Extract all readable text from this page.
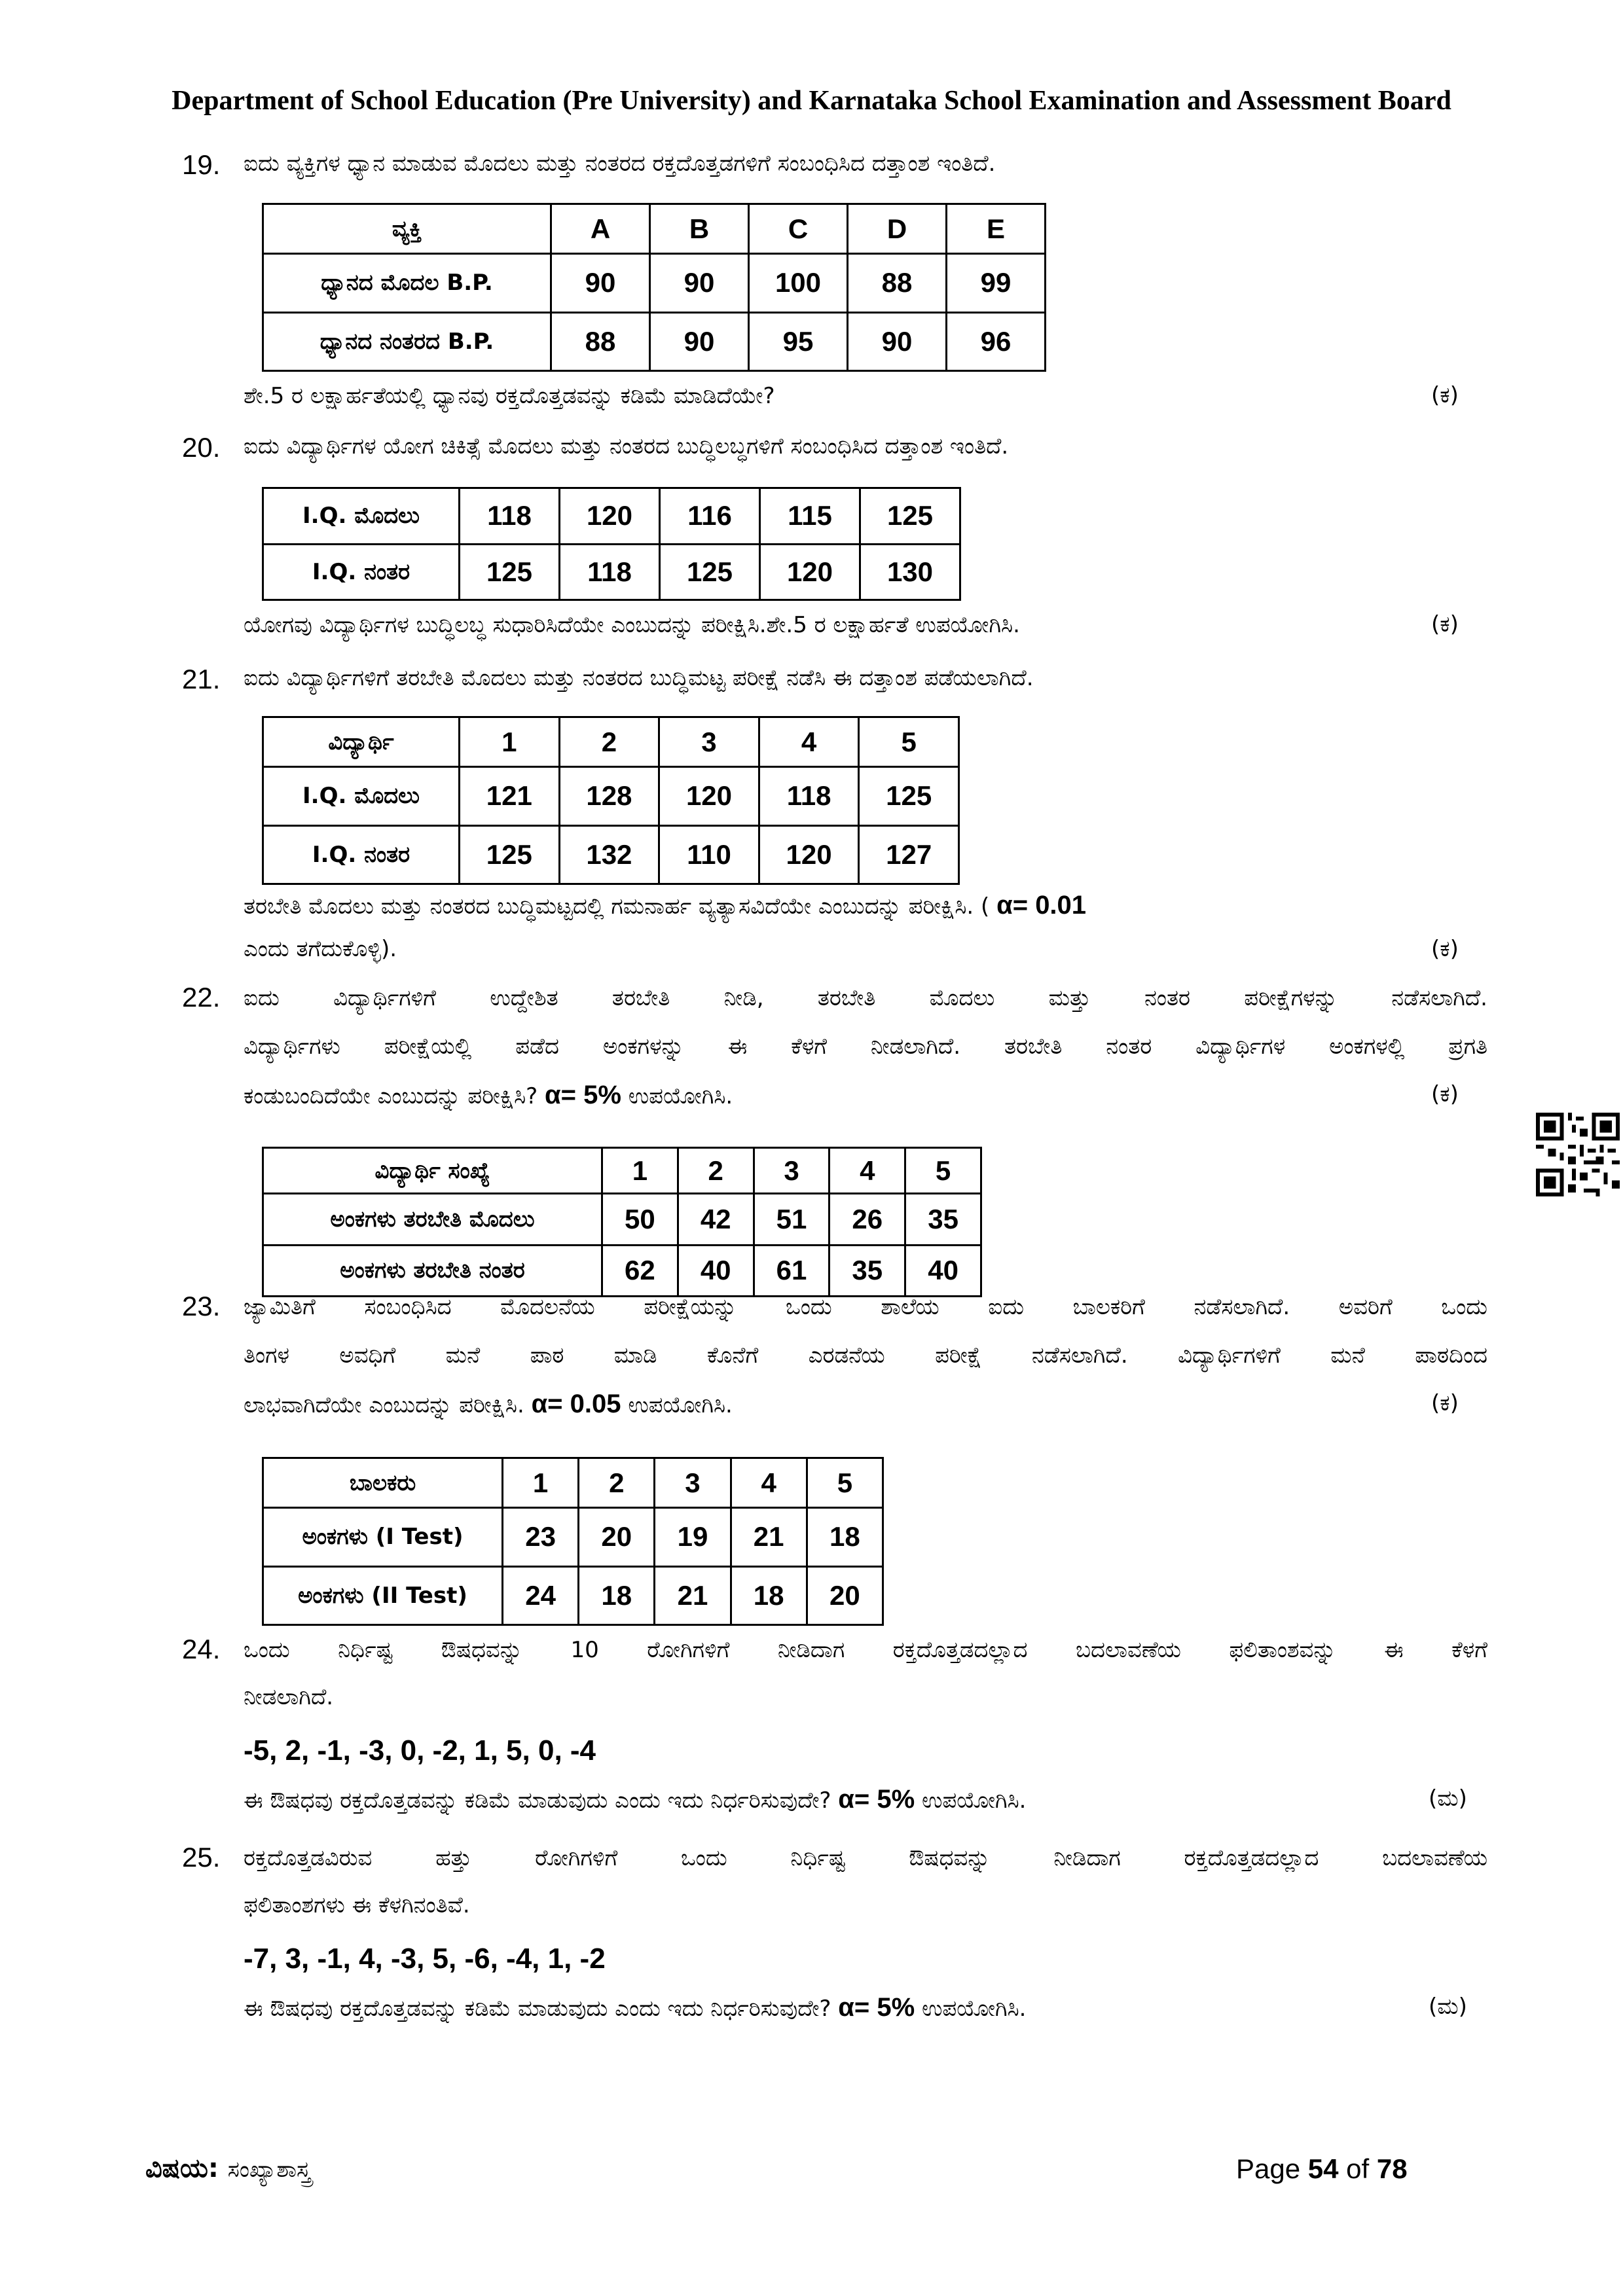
Department of School Education (Pre University) and Karnataka School Examination and Assessment Board
19. ಐದು ವ್ಯಕ್ತಿಗಳ ಧ್ಯಾನ ಮಾಡುವ ಮೊದಲು ಮತ್ತು ನಂತರದ ರಕ್ತದೊತ್ತಡಗಳಿಗೆ ಸಂಬಂಧಿಸಿದ ದತ್ತಾಂಶ ಇಂತಿದೆ.
ವ್ಯಕ್ತಿ	A	B	C	D	E
ಧ್ಯಾನದ ಮೊದಲ B.P.	90	90	100	88	99
ಧ್ಯಾನದ ನಂತರದ B.P.	88	90	95	90	96
ಶೇ.5 ರ ಲಕ್ಷಾರ್ಹತೆಯಲ್ಲಿ ಧ್ಯಾನವು ರಕ್ತದೊತ್ತಡವನ್ನು ಕಡಿಮೆ ಮಾಡಿದೆಯೇ?	(ಕ)
20. ಐದು ವಿದ್ಯಾರ್ಥಿಗಳ ಯೋಗ ಚಿಕಿತ್ಸೆ ಮೊದಲು ಮತ್ತು ನಂತರದ ಬುದ್ಧಿಲಬ್ಧಗಳಿಗೆ ಸಂಬಂಧಿಸಿದ ದತ್ತಾಂಶ ಇಂತಿದೆ.
I.Q. ಮೊದಲು	118	120	116	115	125
I.Q. ನಂತರ	125	118	125	120	130
ಯೋಗವು ವಿದ್ಯಾರ್ಥಿಗಳ ಬುದ್ಧಿಲಬ್ಧ ಸುಧಾರಿಸಿದೆಯೇ ಎಂಬುದನ್ನು ಪರೀಕ್ಷಿಸಿ.ಶೇ.5 ರ ಲಕ್ಷಾರ್ಹತೆ ಉಪಯೋಗಿಸಿ.	(ಕ)
21. ಐದು ವಿದ್ಯಾರ್ಥಿಗಳಿಗೆ ತರಬೇತಿ ಮೊದಲು ಮತ್ತು ನಂತರದ ಬುದ್ಧಿಮಟ್ಟ ಪರೀಕ್ಷೆ ನಡೆಸಿ ಈ ದತ್ತಾಂಶ ಪಡೆಯಲಾಗಿದೆ.
ವಿದ್ಯಾರ್ಥಿ	1	2	3	4	5
I.Q. ಮೊದಲು	121	128	120	118	125
I.Q. ನಂತರ	125	132	110	120	127
ತರಬೇತಿ ಮೊದಲು ಮತ್ತು ನಂತರದ ಬುದ್ಧಿಮಟ್ಟದಲ್ಲಿ ಗಮನಾರ್ಹ ವ್ಯತ್ಯಾಸವಿದೆಯೇ ಎಂಬುದನ್ನು ಪರೀಕ್ಷಿಸಿ. ( α= 0.01
ಎಂದು ತಗೆದುಕೊಳ್ಳಿ).	(ಕ)
22. ಐದು ವಿದ್ಯಾರ್ಥಿಗಳಿಗೆ ಉದ್ದೇಶಿತ ತರಬೇತಿ ನೀಡಿ, ತರಬೇತಿ ಮೊದಲು ಮತ್ತು ನಂತರ ಪರೀಕ್ಷೆಗಳನ್ನು ನಡೆಸಲಾಗಿದೆ.
ವಿದ್ಯಾರ್ಥಿಗಳು ಪರೀಕ್ಷೆಯಲ್ಲಿ ಪಡೆದ ಅಂಕಗಳನ್ನು ಈ ಕೆಳಗೆ ನೀಡಲಾಗಿದೆ. ತರಬೇತಿ ನಂತರ ವಿದ್ಯಾರ್ಥಿಗಳ ಅಂಕಗಳಲ್ಲಿ ಪ್ರಗತಿ
ಕಂಡುಬಂದಿದೆಯೇ ಎಂಬುದನ್ನು ಪರೀಕ್ಷಿಸಿ? α= 5% ಉಪಯೋಗಿಸಿ.	(ಕ)
ವಿದ್ಯಾರ್ಥಿ ಸಂಖ್ಯೆ	1	2	3	4	5
ಅಂಕಗಳು ತರಬೇತಿ ಮೊದಲು	50	42	51	26	35
ಅಂಕಗಳು ತರಬೇತಿ ನಂತರ	62	40	61	35	40
23. ಜ್ಯಾಮಿತಿಗೆ ಸಂಬಂಧಿಸಿದ ಮೊದಲನೆಯ ಪರೀಕ್ಷೆಯನ್ನು ಒಂದು ಶಾಲೆಯ ಐದು ಬಾಲಕರಿಗೆ ನಡೆಸಲಾಗಿದೆ. ಅವರಿಗೆ ಒಂದು
ತಿಂಗಳ ಅವಧಿಗೆ ಮನೆ ಪಾಠ ಮಾಡಿ ಕೊನೆಗೆ ಎರಡನೆಯ ಪರೀಕ್ಷೆ ನಡೆಸಲಾಗಿದೆ. ವಿದ್ಯಾರ್ಥಿಗಳಿಗೆ ಮನೆ ಪಾಠದಿಂದ
ಲಾಭವಾಗಿದೆಯೇ ಎಂಬುದನ್ನು ಪರೀಕ್ಷಿಸಿ. α= 0.05 ಉಪಯೋಗಿಸಿ.	(ಕ)
ಬಾಲಕರು	1	2	3	4	5
ಅಂಕಗಳು (I Test)	23	20	19	21	18
ಅಂಕಗಳು (II Test)	24	18	21	18	20
24. ಒಂದು ನಿರ್ಧಿಷ್ಟ ಔಷಧವನ್ನು 10 ರೋಗಿಗಳಿಗೆ ನೀಡಿದಾಗ ರಕ್ತದೊತ್ತಡದಲ್ಲಾದ ಬದಲಾವಣೆಯ ಫಲಿತಾಂಶವನ್ನು ಈ ಕೆಳಗೆ
ನೀಡಲಾಗಿದೆ.
-5, 2, -1, -3, 0, -2, 1, 5, 0, -4
ಈ ಔಷಧವು ರಕ್ತದೊತ್ತಡವನ್ನು ಕಡಿಮೆ ಮಾಡುವುದು ಎಂದು ಇದು ನಿರ್ಧರಿಸುವುದೇ? α= 5% ಉಪಯೋಗಿಸಿ.	(ಮ)
25. ರಕ್ತದೊತ್ತಡವಿರುವ ಹತ್ತು ರೋಗಿಗಳಿಗೆ ಒಂದು ನಿರ್ಧಿಷ್ಟ ಔಷಧವನ್ನು ನೀಡಿದಾಗ ರಕ್ತದೊತ್ತಡದಲ್ಲಾದ ಬದಲಾವಣೆಯ
ಫಲಿತಾಂಶಗಳು ಈ ಕೆಳಗಿನಂತಿವೆ.
-7, 3, -1, 4, -3, 5, -6, -4, 1, -2
ಈ ಔಷಧವು ರಕ್ತದೊತ್ತಡವನ್ನು ಕಡಿಮೆ ಮಾಡುವುದು ಎಂದು ಇದು ನಿರ್ಧರಿಸುವುದೇ? α= 5% ಉಪಯೋಗಿಸಿ.	(ಮ)
ವಿಷಯ: ಸಂಖ್ಯಾಶಾಸ್ತ್ರ	Page 54 of 78
